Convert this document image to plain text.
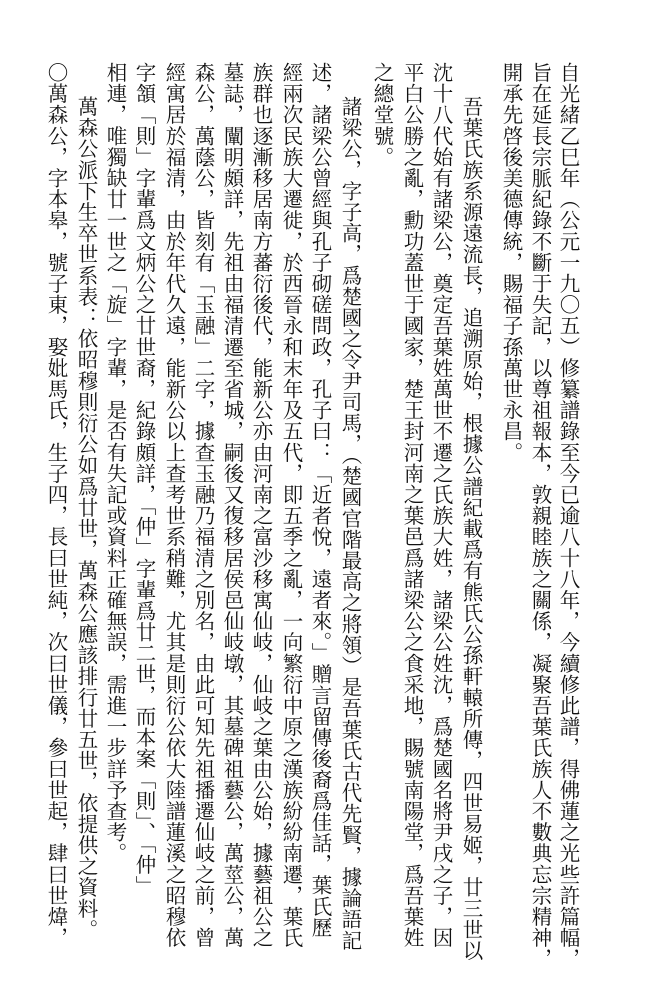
自光緒乙巳年（公元一九〇五）修纂譜錄至今已逾八十八年，今續修此譜，得佛蓮之光些許篇幅，
旨在延長宗脈紀錄不斷于失記，以尊祖報本，敦親睦族之關係，凝聚吾葉氏族人不數典忘宗精神，
開承先啓後美德傳統，賜福子孫萬世永昌。
吾葉氏族系源遠流長，追溯原始，根據公譜紀載爲有熊氏公孫軒轅所傳，四世易姬，廿三世以
沈十八代始有諸梁公，奠定吾葉姓萬世不遷之氏族大姓，諸梁公姓沈，爲楚國名將尹戌之子，因
平白公勝之亂，勳功蓋世于國家，楚王封河南之葉邑爲諸梁公之食采地，賜號南陽堂，爲吾葉姓
之總堂號。
諸梁公，字子高，爲楚國之令尹司馬，（楚國官階最高之將領）是吾葉氏古代先賢，據論語記
述，諸梁公曾經與孔子砌磋問政，孔子曰：「近者悅，遠者來。」贈言留傳後裔爲佳話，葉氏歷
經兩次民族大遷徙，於西晉永和末年及五代，即五季之亂，一向繁衍中原之漢族紛紛南遷，葉氏
族群也逐漸移居南方蕃衍後代，能新公亦由河南之富沙移寓仙岐，仙岐之葉由公始，據藝祖公之
墓誌，闡明頗詳，先祖由福清遷至省城，嗣後又復移居侯邑仙岐墩，其墓碑祖藝公，萬莖公，萬
森公，萬蔭公，皆刻有「玉融」二字，據查玉融乃福清之別名，由此可知先祖播遷仙岐之前，曾
經寓居於福清，由於年代久遠，能新公以上查考世系稍難，尤其是則衍公依大陸譜蓮溪之昭穆依
字頷「則」字輩爲文炳公之廿世裔，紀錄頗詳，「仲」字輩爲廿二世，而本案「則」、「仲」
相連，唯獨缺廿一世之「旋」字輩，是否有失記或資料正確無誤，需進一步詳予查考。
萬森公派下生卒世系表：依昭穆則衍公如爲廿世，萬森公應該排行廿五世，依提供之資料。
〇萬森公，字本皋，號子東，娶妣馬氏，生子四，長曰世純，次曰世儀，參曰世起，肆曰世煒，
